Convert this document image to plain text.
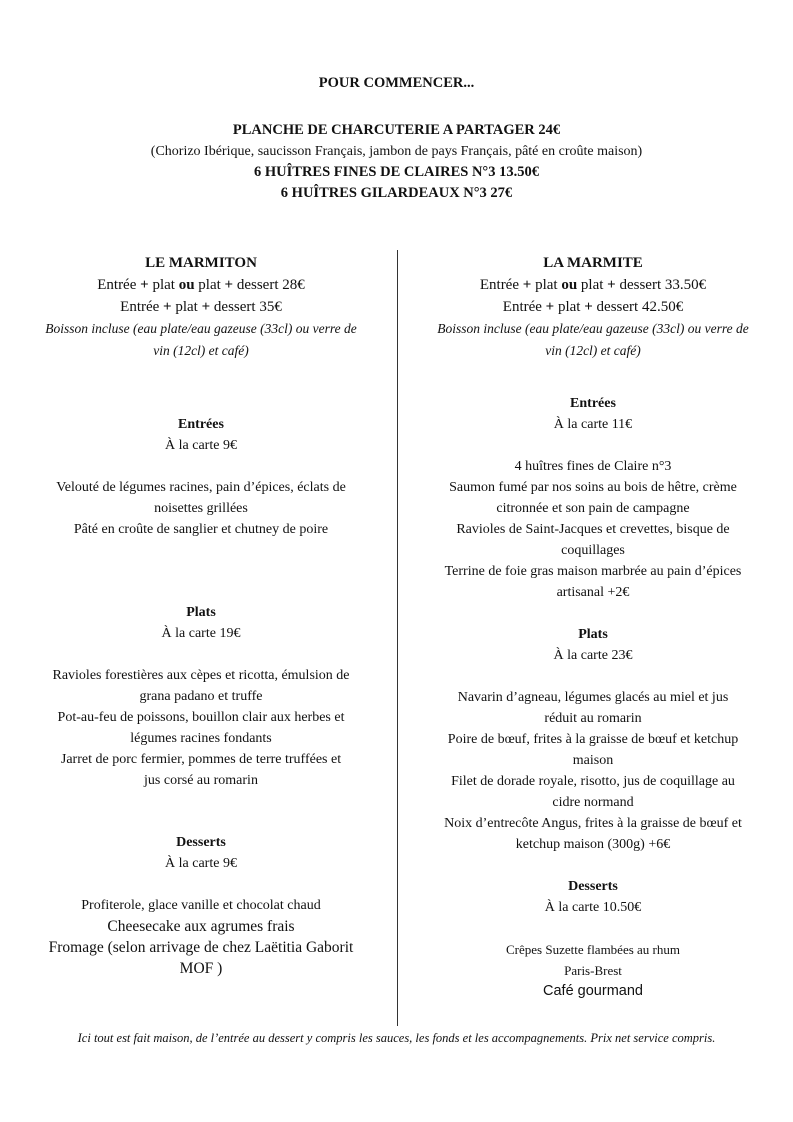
POUR COMMENCER...
PLANCHE DE CHARCUTERIE A PARTAGER 24€
(Chorizo Ibérique, saucisson Français, jambon de pays Français, pâté en croûte maison)
6 HUÎTRES FINES DE CLAIRES N°3 13.50€
6 HUÎTRES GILARDEAUX N°3 27€
LE MARMITON
Entrée + plat ou plat + dessert 28€
Entrée + plat + dessert 35€
Boisson incluse (eau plate/eau gazeuse (33cl) ou verre de
vin (12cl) et café)
Entrées
À la carte 9€
Velouté de légumes racines, pain d’épices, éclats de
noisettes grillées
Pâté en croûte de sanglier et chutney de poire
Plats
À la carte 19€
Ravioles forestières aux cèpes et ricotta, émulsion de
grana padano et truffe
Pot-au-feu de poissons, bouillon clair aux herbes et
légumes racines fondants
Jarret de porc fermier, pommes de terre truffées et
jus corsé au romarin
Desserts
À la carte 9€
Profiterole, glace vanille et chocolat chaud
Cheesecake aux agrumes frais
Fromage (selon arrivage de chez Laëtitia Gaborit
MOF )
LA MARMITE
Entrée + plat ou plat + dessert 33.50€
Entrée + plat + dessert 42.50€
Boisson incluse (eau plate/eau gazeuse (33cl) ou verre de
vin (12cl) et café)
Entrées
À la carte 11€
4 huîtres fines de Claire n°3
Saumon fumé par nos soins au bois de hêtre, crème
citronnée et son pain de campagne
Ravioles de Saint-Jacques et crevettes, bisque de
coquillages
Terrine de foie gras maison marbrée au pain d’épices
artisanal +2€
Plats
À la carte 23€
Navarin d’agneau, légumes glacés au miel et jus
réduit au romarin
Poire de bœuf, frites à la graisse de bœuf et ketchup
maison
Filet de dorade royale, risotto, jus de coquillage au
cidre normand
Noix d’entrecôte Angus, frites à la graisse de bœuf et
ketchup maison (300g) +6€
Desserts
À la carte 10.50€
Crêpes Suzette flambées au rhum
Paris-Brest
Café gourmand
Ici tout est fait maison, de l’entrée au dessert y compris les sauces, les fonds et les accompagnements. Prix net service compris.
